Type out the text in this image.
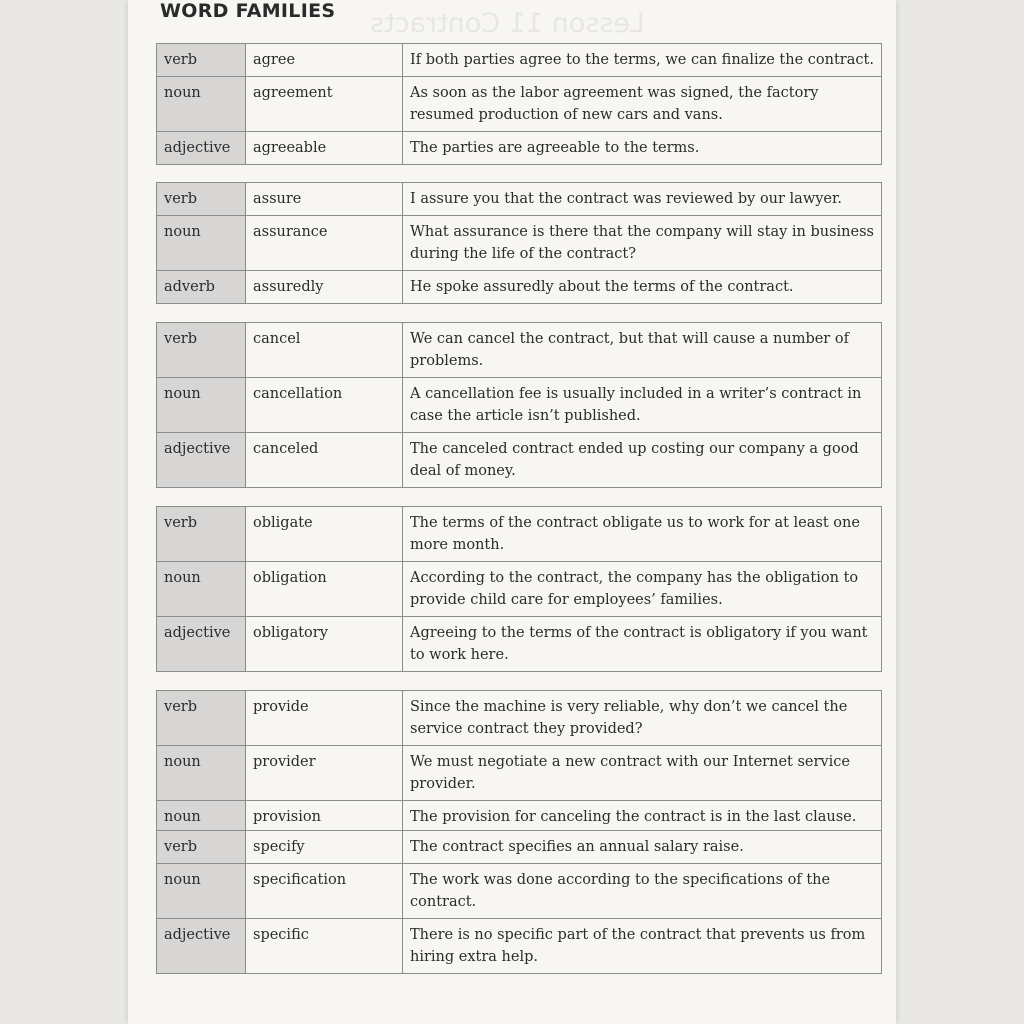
Lesson 11 Contracts
WORD FAMILIES
verb	agree	If both parties agree to the terms, we can finalize the contract.
noun	agreement	As soon as the labor agreement was signed, the factory resumed production of new cars and vans.
adjective	agreeable	The parties are agreeable to the terms.
verb	assure	I assure you that the contract was reviewed by our lawyer.
noun	assurance	What assurance is there that the company will stay in business during the life of the contract?
adverb	assuredly	He spoke assuredly about the terms of the contract.
verb	cancel	We can cancel the contract, but that will cause a number of problems.
noun	cancellation	A cancellation fee is usually included in a writer’s contract in case the article isn’t published.
adjective	canceled	The canceled contract ended up costing our company a good deal of money.
verb	obligate	The terms of the contract obligate us to work for at least one more month.
noun	obligation	According to the contract, the company has the obligation to provide child care for employees’ families.
adjective	obligatory	Agreeing to the terms of the contract is obligatory if you want to work here.
verb	provide	Since the machine is very reliable, why don’t we cancel the service contract they provided?
noun	provider	We must negotiate a new contract with our Internet service provider.
noun	provision	The provision for canceling the contract is in the last clause.
verb	specify	The contract specifies an annual salary raise.
noun	specification	The work was done according to the specifications of the contract.
adjective	specific	There is no specific part of the contract that prevents us from hiring extra help.
